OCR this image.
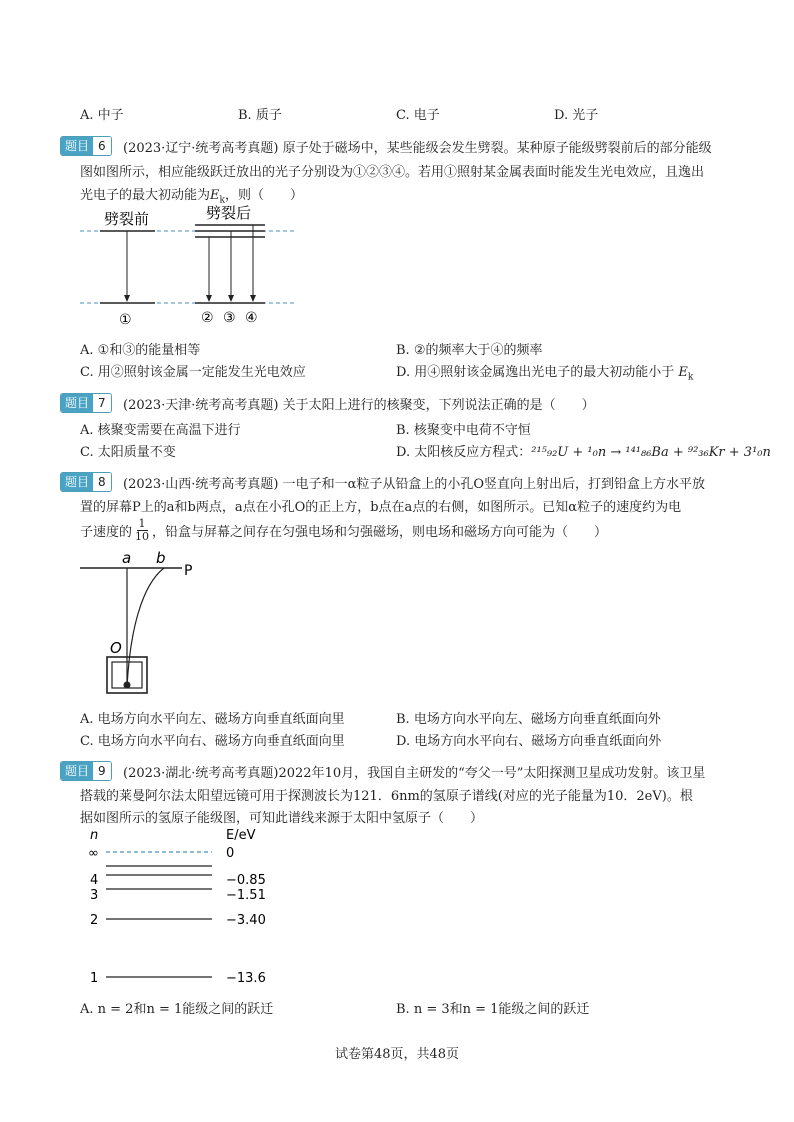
A. 中子	B. 质子	C. 电子	D. 光子
题目 6	(2023·辽宁·统考高考真题) 原子处于磁场中，某些能级会发生劈裂。某种原子能级劈裂前后的部分能级
图如图所示，相应能级跃迁放出的光子分别设为①②③④。若用①照射某金属表面时能发生光电效应，且逸出
光电子的最大初动能为$E_k$，则（　　）
劈裂前	劈裂后
①	② ③ ④
A. ①和③的能量相等	B. ②的频率大于④的频率
C. 用②照射该金属一定能发生光电效应	D. 用④照射该金属逸出光电子的最大初动能小于 $E_k$
题目 7	(2023·天津·统考高考真题) 关于太阳上进行的核聚变，下列说法正确的是（　　）
A. 核聚变需要在高温下进行	B. 核聚变中电荷不守恒
C. 太阳质量不变	D. 太阳核反应方程式：²¹⁵₉₂U + ¹₀n → ¹⁴¹₈₆Ba + ⁹²₃₆Kr + 3¹₀n
题目 8	(2023·山西·统考高考真题) 一电子和一α粒子从铅盒上的小孔O竖直向上射出后，打到铅盒上方水平放
置的屏幕P上的a和b两点，a点在小孔O的正上方，b点在a点的右侧，如图所示。已知α粒子的速度约为电
子速度的 $\frac{1}{10}$ ，铅盒与屏幕之间存在匀强电场和匀强磁场，则电场和磁场方向可能为（　　）
a b
P
O
A. 电场方向水平向左、磁场方向垂直纸面向里	B. 电场方向水平向左、磁场方向垂直纸面向外
C. 电场方向水平向右、磁场方向垂直纸面向里	D. 电场方向水平向右、磁场方向垂直纸面向外
题目 9	(2023·湖北·统考高考真题)2022年10月，我国自主研发的“夸父一号”太阳探测卫星成功发射。该卫星
搭载的莱曼阿尔法太阳望远镜可用于探测波长为121．6nm的氢原子谱线(对应的光子能量为10．2eV)。根
据如图所示的氢原子能级图，可知此谱线来源于太阳中氢原子（　　）
n	E/eV
∞	0
4	−0.85
3	−1.51
2	−3.40
1	−13.6
A. n = 2和n = 1能级之间的跃迁	B. n = 3和n = 1能级之间的跃迁
试卷第48页，共48页
